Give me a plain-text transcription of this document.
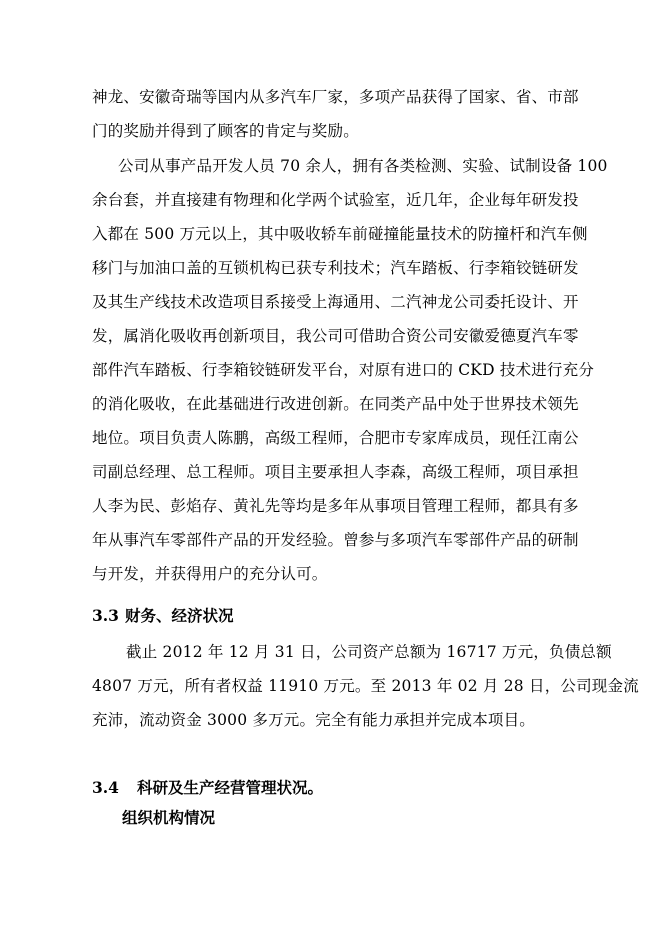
神龙、安徽奇瑞等国内从多汽车厂家，多项产品获得了国家、省、市部
门的奖励并得到了顾客的肯定与奖励。
公司从事产品开发人员 70 余人，拥有各类检测、实验、试制设备 100
余台套，并直接建有物理和化学两个试验室，近几年，企业每年研发投
入都在 500 万元以上，其中吸收轿车前碰撞能量技术的防撞杆和汽车侧
移门与加油口盖的互锁机构已获专利技术；汽车踏板、行李箱铰链研发
及其生产线技术改造项目系接受上海通用、二汽神龙公司委托设计、开
发，属消化吸收再创新项目，我公司可借助合资公司安徽爱德夏汽车零
部件汽车踏板、行李箱铰链研发平台，对原有进口的 CKD 技术进行充分
的消化吸收，在此基础进行改进创新。在同类产品中处于世界技术领先
地位。项目负责人陈鹏，高级工程师，合肥市专家库成员，现任江南公
司副总经理、总工程师。项目主要承担人李森，高级工程师，项目承担
人李为民、彭焰存、黄礼先等均是多年从事项目管理工程师，都具有多
年从事汽车零部件产品的开发经验。曾参与多项汽车零部件产品的研制
与开发，并获得用户的充分认可。
3.3 财务、经济状况
截止 2012 年 12 月 31 日，公司资产总额为 16717 万元，负债总额
4807 万元，所有者权益 11910 万元。至 2013 年 02 月 28 日，公司现金流
充沛，流动资金 3000 多万元。完全有能力承担并完成本项目。
3.4 科研及生产经营管理状况。
组织机构情况
